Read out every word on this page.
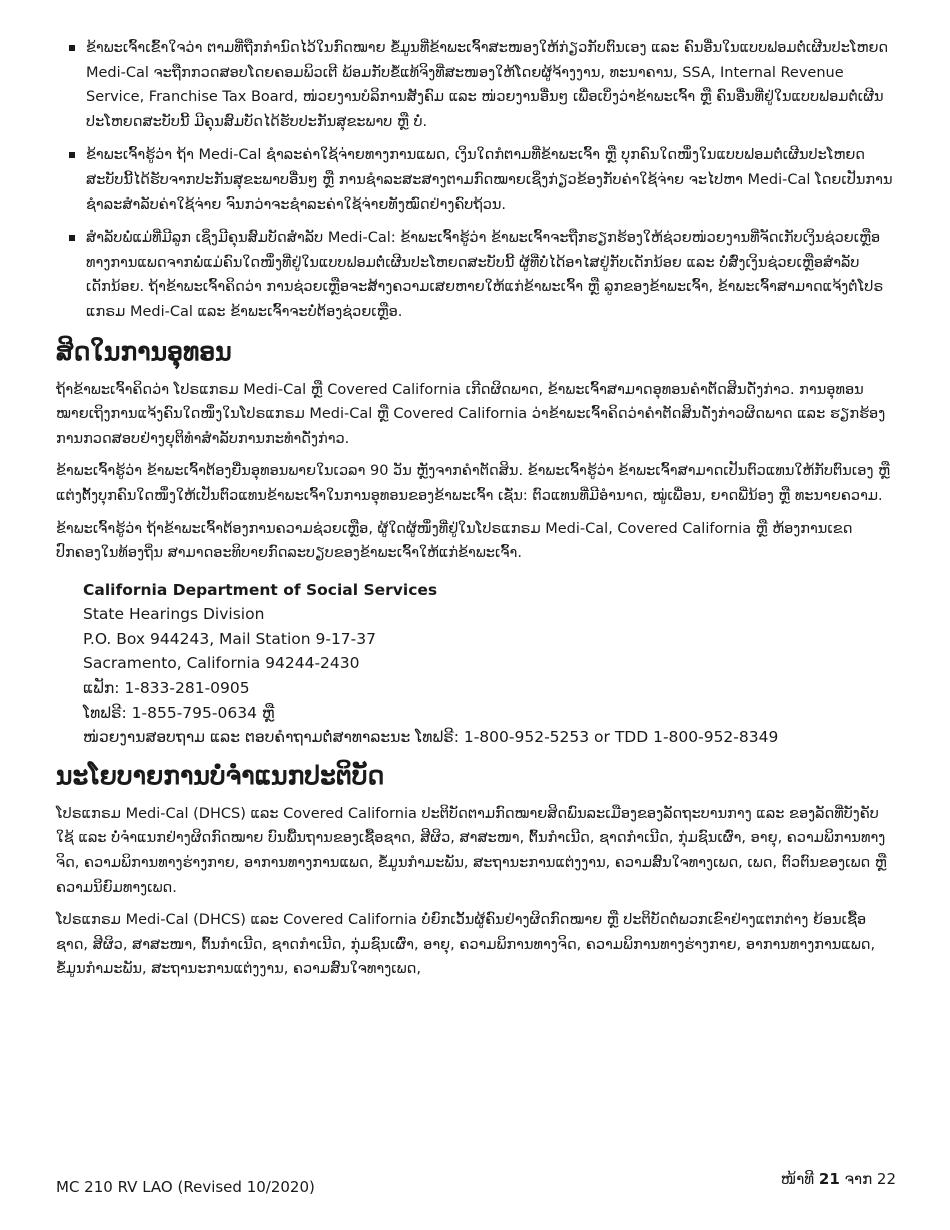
ຂ້າພະເຈົ້າເຂົ້າໃຈວ່າ ຕາມທີ່ຖືກກຳນົດໄວ້ໃນກົດໝາຍ ຂໍ້ມູນທີ່ຂ້າພະເຈົ້າສະໜອງໃຫ້ກ່ຽວກັບຕົນເອງ ແລະ ຄົນອື່ນໃນແບບຟອມຕໍ່ເຜີນປະໂຫຍດ Medi-Cal ຈະຖືກກວດສອບໂດຍຄອມພິວເຕີ ພ້ອມກັບຂໍ້ແທ້ຈິງທີ່ສະໜອງໃຫ້ໂດຍຜູ້ຈ້າງງານ, ທະນາຄານ, SSA, Internal Revenue Service, Franchise Tax Board, ໜ່ວຍງານບໍລິການສັງຄົມ ແລະ ໜ່ວຍງານອື່ນໆ ເພື່ອເບິ່ງວ່າຂ້າພະເຈົ້າ ຫຼື ຄົນອື່ນທີ່ຢູ່ໃນແບບຟອມຕໍ່ເຜີນປະໂຫຍດສະບັບນີ້ ມີຄຸນສົມບັດໄດ້ຮັບປະກັນສຸຂະພາບ ຫຼື ບໍ່.
ຂ້າພະເຈົ້າຮູ້ວ່າ ຖ້າ Medi-Cal ຊຳລະຄ່າໃຊ້ຈ່າຍທາງການແພດ, ເງິນໃດກໍຕາມທີ່ຂ້າພະເຈົ້າ ຫຼື ບຸກຄົນໃດໜຶ່ງໃນແບບຟອມຕໍ່ເຜີນປະໂຫຍດສະບັບນີ້ໄດ້ຮັບຈາກປະກັນສຸຂະພາບອື່ນໆ ຫຼື ການຊຳລະສະສາງຕາມກົດໝາຍເຊິ່ງກ່ຽວຂ້ອງກັບຄ່າໃຊ້ຈ່າຍ ຈະໄປຫາ Medi-Cal ໂດຍເປັນການຊຳລະສຳລັບຄ່າໃຊ້ຈ່າຍ ຈົນກວ່າຈະຊຳລະຄ່າໃຊ້ຈ່າຍທັງໝົດຢ່າງຄົບຖ້ວນ.
ສຳລັບພໍ່ແມ່ທີ່ມີລູກ ເຊິ່ງມີຄຸນສົມບັດສຳລັບ Medi-Cal: ຂ້າພະເຈົ້າຮູ້ວ່າ ຂ້າພະເຈົ້າຈະຖືກຮຽກຮ້ອງໃຫ້ຊ່ວຍໜ່ວຍງານທີ່ຈັດເກັບເງິນຊ່ວຍເຫຼືອທາງການແພດຈາກພໍ່ແມ່ຄົນໃດໜຶ່ງທີ່ຢູ່ໃນແບບຟອມຕໍ່ເຜີນປະໂຫຍດສະບັບນີ້ ຜູ້ທີ່ບໍ່ໄດ້ອາໄສຢູ່ກັບເດັກນ້ອຍ ແລະ ບໍ່ສົ່ງເງິນຊ່ວຍເຫຼືອສຳລັບເດັກນ້ອຍ. ຖ້າຂ້າພະເຈົ້າຄິດວ່າ ການຊ່ວຍເຫຼືອຈະສ້າງຄວາມເສຍຫາຍໃຫ້ແກ່ຂ້າພະເຈົ້າ ຫຼື ລູກຂອງຂ້າພະເຈົ້າ, ຂ້າພະເຈົ້າສາມາດແຈ້ງຕໍ່ໂປຣແກຣມ Medi-Cal ແລະ ຂ້າພະເຈົ້າຈະບໍ່ຕ້ອງຊ່ວຍເຫຼືອ.
ສິດໃນການອຸທອນ

ຖ້າຂ້າພະເຈົ້າຄິດວ່າ ໂປຣແກຣມ Medi-Cal ຫຼື Covered California ເກີດຜິດພາດ, ຂ້າພະເຈົ້າສາມາດອຸທອນຄຳຕັດສິນດັ່ງກ່າວ. ການອຸທອນໝາຍເຖິງການແຈ້ງຄົນໃດໜຶ່ງໃນໂປຣແກຣມ Medi-Cal ຫຼື Covered California ວ່າຂ້າພະເຈົ້າຄິດວ່າຄຳຕັດສິນດັ່ງກ່າວຜິດພາດ ແລະ ຮຽກຮ້ອງການກວດສອບຢ່າງຍຸຕິທຳສຳລັບການກະທຳດັ່ງກ່າວ.

ຂ້າພະເຈົ້າຮູ້ວ່າ ຂ້າພະເຈົ້າຕ້ອງຍື່ນອຸທອນພາຍໃນເວລາ 90 ວັນ ຫຼັງຈາກຄຳຕັດສິນ. ຂ້າພະເຈົ້າຮູ້ວ່າ ຂ້າພະເຈົ້າສາມາດເປັນຕົວແທນໃຫ້ກັບຕົນເອງ ຫຼື ແຕ່ງຕັ້ງບຸກຄົນໃດໜຶ່ງໃຫ້ເປັນຕົວແທນຂ້າພະເຈົ້າໃນການອຸທອນຂອງຂ້າພະເຈົ້າ ເຊັ່ນ: ຕົວແທນທີ່ມີອຳນາດ, ໝູ່ເພື່ອນ, ຍາດພີ່ນ້ອງ ຫຼື ທະນາຍຄວາມ.

ຂ້າພະເຈົ້າຮູ້ວ່າ ຖ້າຂ້າພະເຈົ້າຕ້ອງການຄວາມຊ່ວຍເຫຼືອ, ຜູ້ໃດຜູ້ໜຶ່ງທີ່ຢູ່ໃນໂປຣແກຣມ Medi-Cal, Covered California ຫຼື ຫ້ອງການເຂດປົກຄອງໃນທ້ອງຖິ່ນ ສາມາດອະທິບາຍກົດລະບຽບຂອງຂ້າພະເຈົ້າໃຫ້ແກ່ຂ້າພະເຈົ້າ.

California Department of Social Services
State Hearings Division
P.O. Box 944243, Mail Station 9-17-37
Sacramento, California 94244-2430
ແຟັກ: 1-833-281-0905
ໂທຟຣີ: 1-855-795-0634 ຫຼື
ໜ່ວຍງານສອບຖາມ ແລະ ຕອບຄຳຖາມຕໍ່ສາທາລະນະ ໂທຟຣີ: 1-800-952-5253 or TDD 1-800-952-8349
ນະໂຍບາຍການບໍ່ຈຳແນກປະຕິບັດ

ໂປຣແກຣມ Medi-Cal (DHCS) ແລະ Covered California ປະຕິບັດຕາມກົດໝາຍສິດພົນລະເມືອງຂອງລັດຖະບານກາງ ແລະ ຂອງລັດທີ່ບັງຄັບໃຊ້ ແລະ ບໍ່ຈຳແນກຢ່າງຜິດກົດໝາຍ ບົນພື້ນຖານຂອງເຊື້ອຊາດ, ສີຜິວ, ສາສະໜາ, ຕົ້ນກຳເນີດ, ຊາດກຳເນີດ, ກຸ່ມຊົນເຜົ່າ, ອາຍຸ, ຄວາມພິການທາງຈິດ, ຄວາມພິການທາງຮ່າງກາຍ, ອາການທາງການແພດ, ຂໍ້ມູນກຳມະພັນ, ສະຖານະການແຕ່ງງານ, ຄວາມສົນໃຈທາງເພດ, ເພດ, ຕົວຕົນຂອງເພດ ຫຼື ຄວາມນິຍົມທາງເພດ.

ໂປຣແກຣມ Medi-Cal (DHCS) ແລະ Covered California ບໍ່ຍົກເວັ້ນຜູ້ຄົນຢ່າງຜິດກົດໝາຍ ຫຼື ປະຕິບັດຕໍ່ພວກເຂົາຢ່າງແຕກຕ່າງ ຍ້ອນເຊື້ອຊາດ, ສີຜິວ, ສາສະໜາ, ຕົ້ນກຳເນີດ, ຊາດກຳເນີດ, ກຸ່ມຊົນເຜົ່າ, ອາຍຸ, ຄວາມພິການທາງຈິດ, ຄວາມພິການທາງຮ່າງກາຍ, ອາການທາງການແພດ, ຂໍ້ມູນກຳມະພັນ, ສະຖານະການແຕ່ງງານ, ຄວາມສົນໃຈທາງເພດ,

MC 210 RV LAO (Revised 10/2020)	ໜ້າທີ 21 ຈາກ 22
